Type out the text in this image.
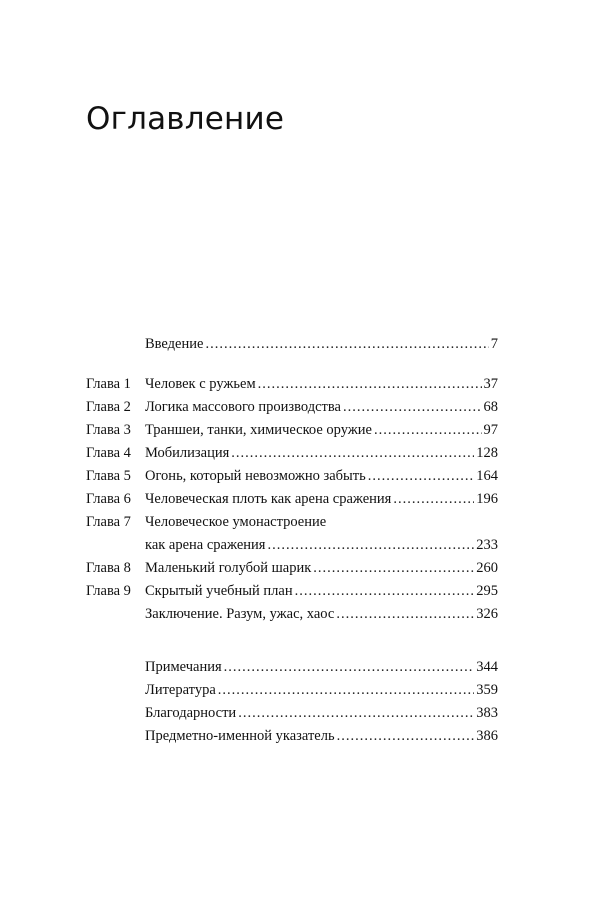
Оглавление
Введение .....	7
Глава 1 Человек с ружьем .....	37
Глава 2 Логика массового производства .....	68
Глава 3 Траншеи, танки, химическое оружие .....	97
Глава 4 Мобилизация .....	128
Глава 5 Огонь, который невозможно забыть .....	164
Глава 6 Человеческая плоть как арена сражения .....	196
Глава 7 Человеческое умонастроение
как арена сражения .....	233
Глава 8 Маленький голубой шарик .....	260
Глава 9 Скрытый учебный план .....	295
Заключение. Разум, ужас, хаос .....	326
Примечания .....	344
Литература .....	359
Благодарности .....	383
Предметно-именной указатель .....	386
